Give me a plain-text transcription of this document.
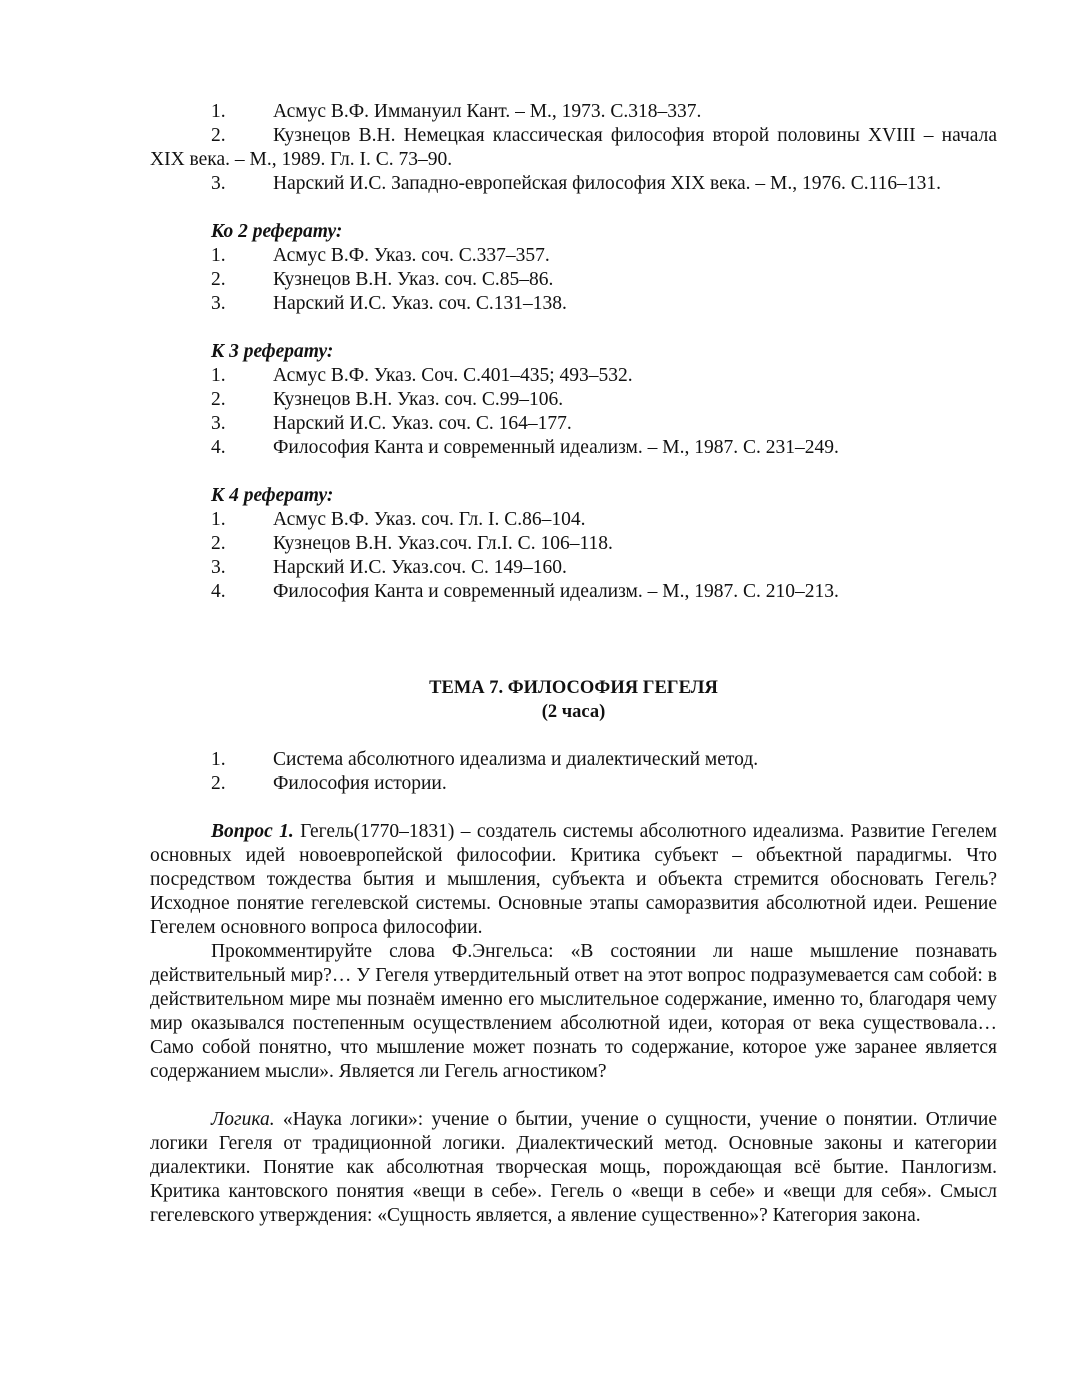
1.	Асмус В.Ф. Иммануил Кант. – М., 1973. С.318–337.
2. Кузнецов В.Н. Немецкая классическая философия второй половины XVIII – начала XIX века. – М., 1989. Гл. I. С. 73–90.
3.	Нарский И.С. Западно-европейская философия XIX века. – М., 1976. С.116–131.
Ко 2 реферату:
1.	Асмус В.Ф. Указ. соч. С.337–357.
2.	Кузнецов В.Н. Указ. соч. С.85–86.
3.	Нарский И.С. Указ. соч. С.131–138.
К 3 реферату:
1.	Асмус В.Ф. Указ. Соч. С.401–435; 493–532.
2.	Кузнецов В.Н. Указ. соч. С.99–106.
3.	Нарский И.С. Указ. соч. С. 164–177.
4.	Философия Канта и современный идеализм. – М., 1987. С. 231–249.
К 4 реферату:
1.	Асмус В.Ф. Указ. соч. Гл. I. С.86–104.
2.	Кузнецов В.Н. Указ.соч. Гл.I. С. 106–118.
3.	Нарский И.С. Указ.соч. С. 149–160.
4.	Философия Канта и современный идеализм. – М., 1987. С. 210–213.
ТЕМА 7. ФИЛОСОФИЯ ГЕГЕЛЯ
(2 часа)
1.	Система абсолютного идеализма и диалектический метод.
2.	Философия истории.

Вопрос 1. Гегель(1770–1831) – создатель системы абсолютного идеализма. Развитие Гегелем основных идей новоевропейской философии. Критика субъект – объектной парадигмы. Что посредством тождества бытия и мышления, субъекта и объекта стремится обосновать Гегель? Исходное понятие гегелевской системы. Основные этапы саморазвития абсолютной идеи. Решение Гегелем основного вопроса философии.

Прокомментируйте слова Ф.Энгельса: «В состоянии ли наше мышление познавать действительный мир?… У Гегеля утвердительный ответ на этот вопрос подразумевается сам собой: в действительном мире мы познаём именно его мыслительное содержание, именно то, благодаря чему мир оказывался постепенным осуществлением абсолютной идеи, которая от века существовала… Само собой понятно, что мышление может познать то содержание, которое уже заранее является содержанием мысли». Является ли Гегель агностиком?

Логика. «Наука логики»: учение о бытии, учение о сущности, учение о понятии. Отличие логики Гегеля от традиционной логики. Диалектический метод. Основные законы и категории диалектики. Понятие как абсолютная творческая мощь, порождающая всё бытие. Панлогизм. Критика кантовского понятия «вещи в себе». Гегель о «вещи в себе» и «вещи для себя». Смысл гегелевского утверждения: «Сущность является, а явление существенно»? Категория закона.
